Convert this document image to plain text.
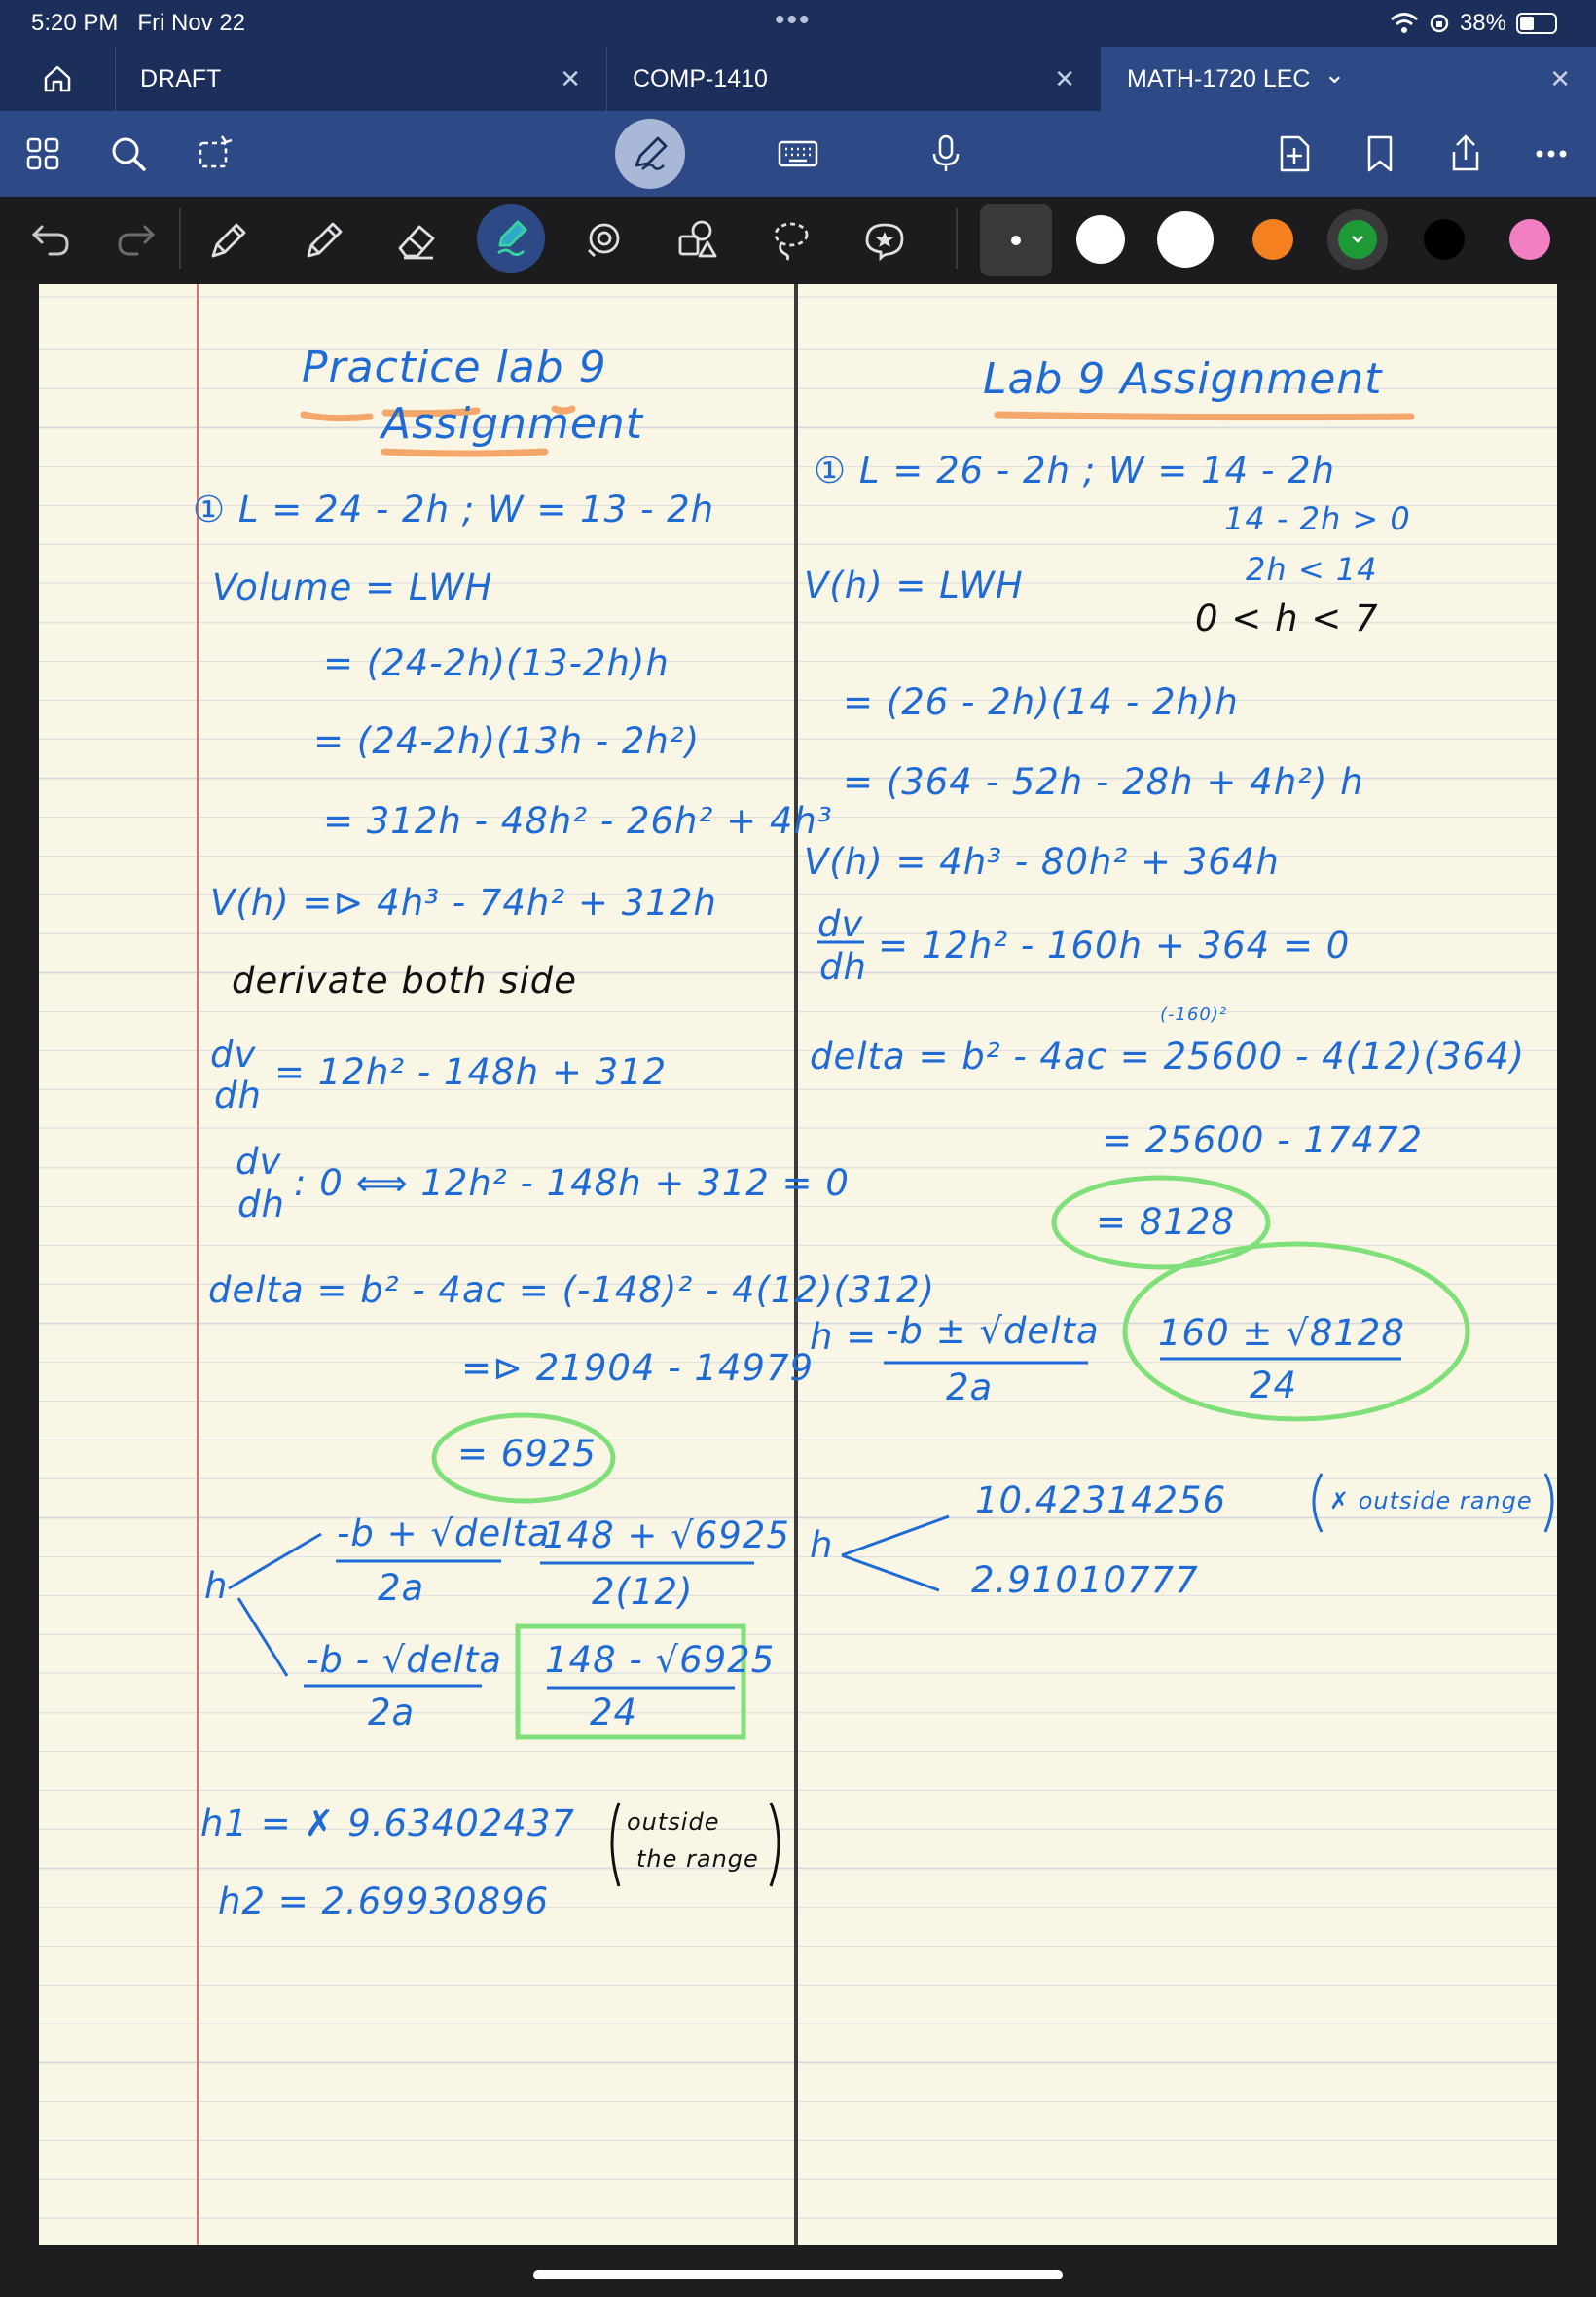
5:20 PM Fri Nov 22	•••	38%
DRAFT	✕	COMP-1410	✕	MATH-1720 LEC ⌄	✕
Practice lab 9
Assignment
① L = 24 - 2h ; W = 13 - 2h
Volume = LWH
= (24-2h)(13-2h)h
= (24-2h)(13h - 2h²)
= 312h - 48h² - 26h² + 4h³
V(h) =⊳ 4h³ - 74h² + 312h
derivate both side
dv
dh
= 12h² - 148h + 312
dv
dh
: 0 ⟺ 12h² - 148h + 312 = 0
delta = b² - 4ac = (-148)² - 4(12)(312)
=⊳ 21904 - 14979
= 6925
h
-b + √delta
2a
148 + √6925
2(12)
-b - √delta
2a
148 - √6925
24
h1 = ✗ 9.63402437 outside
the range
h2 = 2.69930896
Lab 9 Assignment
① L = 26 - 2h ; W = 14 - 2h
14 - 2h > 0
2h < 14
0 < h < 7
V(h) = LWH
= (26 - 2h)(14 - 2h)h
= (364 - 52h - 28h + 4h²) h
V(h) = 4h³ - 80h² + 364h
dv
dh
= 12h² - 160h + 364 = 0
(-160)²
delta = b² - 4ac = 25600 - 4(12)(364)
= 25600 - 17472
= 8128
h = -b ± √delta
2a
160 ± √8128
24
h
10.42314256	✗ outside range
2.91010777
